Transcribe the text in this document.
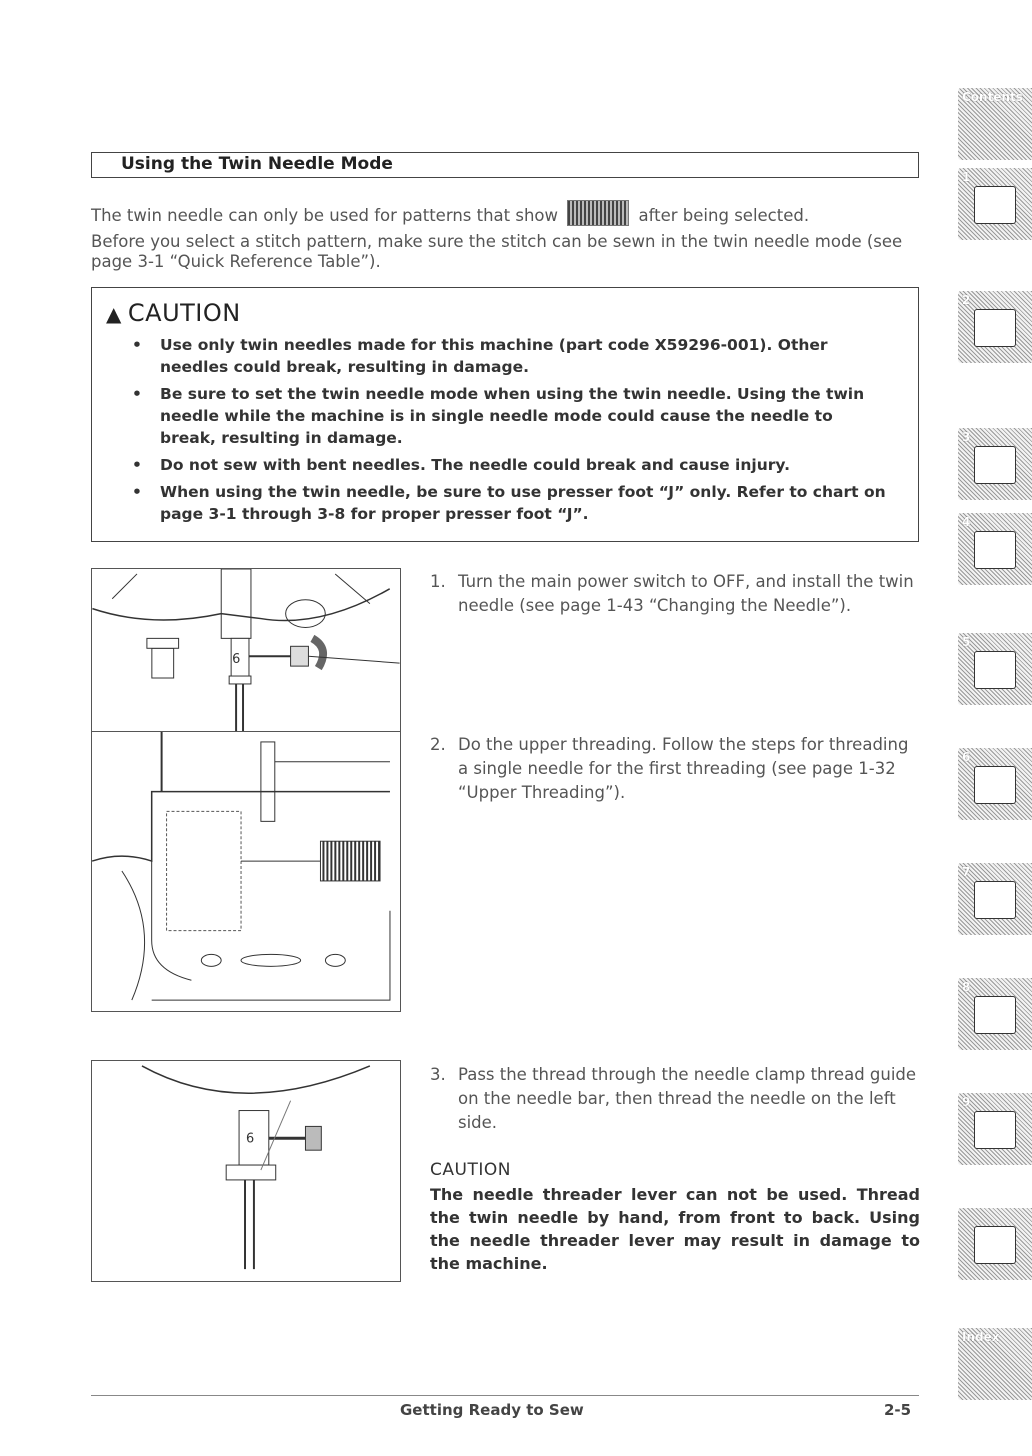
Using the Twin Needle Mode
The twin needle can only be used for patterns that show	after being selected.
Before you select a stitch pattern, make sure the stitch can be sewn in the twin needle mode (see page 3-1 “Quick Reference Table”).
▲ CAUTION
• Use only twin needles made for this machine (part code X59296-001). Other needles could break, resulting in damage.
• Be sure to set the twin needle mode when using the twin needle. Using the twin needle while the machine is in single needle mode could cause the needle to break, resulting in damage.
• Do not sew with bent needles. The needle could break and cause injury.
• When using the twin needle, be sure to use presser foot “J” only. Refer to chart on page 3-1 through 3-8 for proper presser foot “J”.
6
6
1. Turn the main power switch to OFF, and install the twin needle (see page 1-43 “Changing the Needle”).
2. Do the upper threading. Follow the steps for threading a single needle for the first threading (see page 1-32 “Upper Threading”).
3. Pass the thread through the needle clamp thread guide on the needle bar, then thread the needle on the left side.
CAUTION
The needle threader lever can not be used. Thread the twin needle by hand, from front to back. Using the needle threader lever may result in damage to the machine.
Getting Ready to Sew	2-5
Contents
1
2
3
4
5
6
7
8
9
Index
